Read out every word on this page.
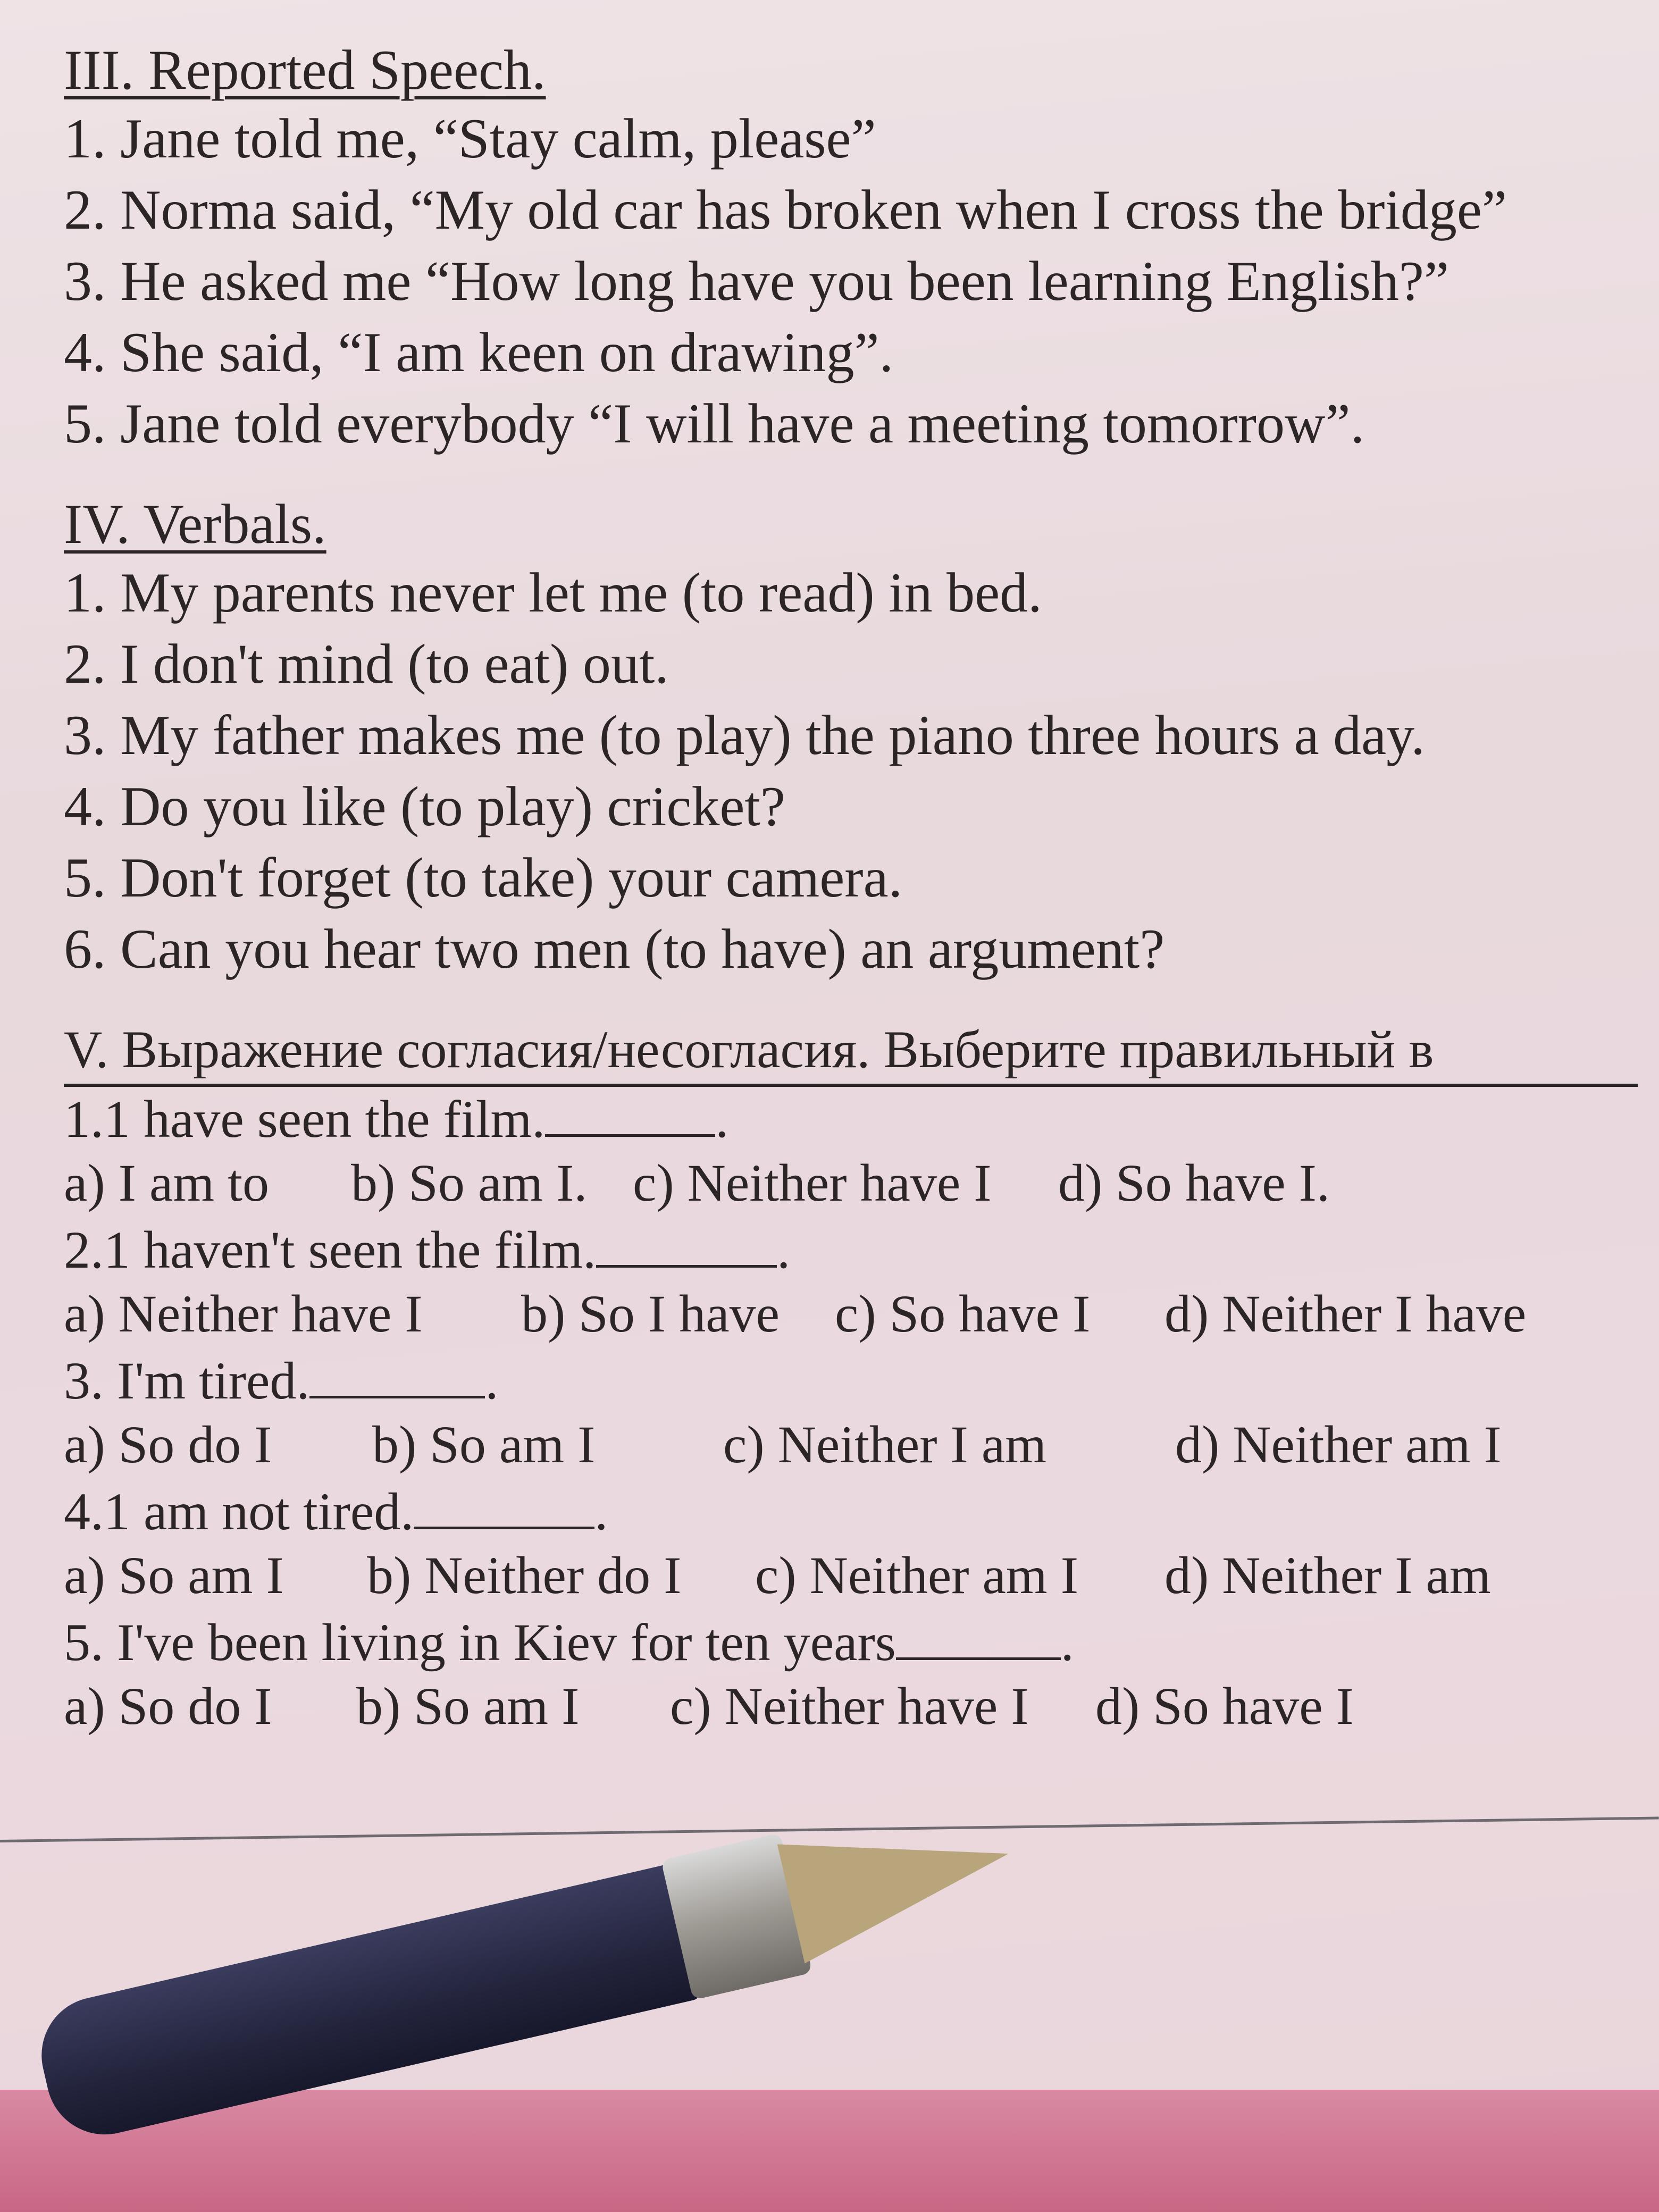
III. Reported Speech.
1. Jane told me, “Stay calm, please”
2. Norma said, “My old car has broken when I cross the bridge”
3. He asked me “How long have you been learning English?”
4. She said, “I am keen on drawing”.
5. Jane told everybody “I will have a meeting tomorrow”.
IV. Verbals.
1. My parents never let me (to read) in bed.
2. I don't mind (to eat) out.
3. My father makes me (to play) the piano three hours a day.
4. Do you like (to play) cricket?
5. Don't forget (to take) your camera.
6. Can you hear two men (to have) an argument?
V. Выражение согласия/несогласия. Выберите правильный в
1.1 have seen the film.	.
a) I am to	b) So am I. c) Neither have I	d) So have I.
2.1 haven't seen the film.	.
a) Neither have I	b) So I have	c) So have I	d) Neither I have
3. I'm tired.	.
a) So do I	b) So am I	c) Neither I am	d) Neither am I
4.1 am not tired.	.
a) So am I	b) Neither do I	c) Neither am I	d) Neither I am
5. I've been living in Kiev for ten years	.
a) So do I	b) So am I	c) Neither have I	d) So have I
